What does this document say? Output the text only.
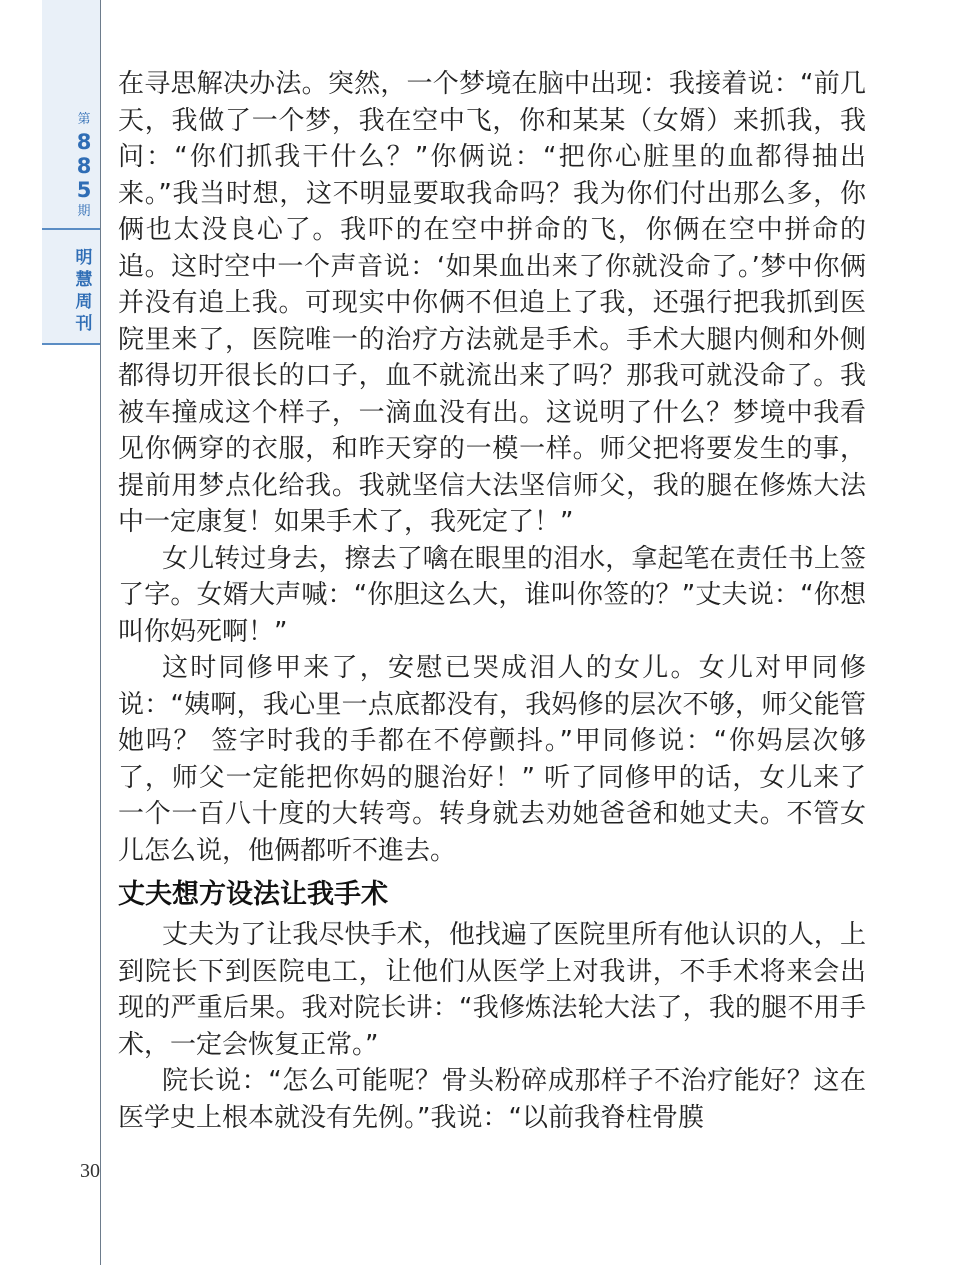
第
8
8
5
期
明
慧
周
刊
30

在寻思解决办法。突然，一个梦境在脑中出现：我接着说：“前几天，我做了一个梦，我在空中飞，你和某某（女婿）来抓我，我问：“你们抓我干什么？”你俩说：“把你心脏里的血都得抽出来。”我当时想，这不明显要取我命吗？我为你们付出那么多，你俩也太没良心了。我吓的在空中拼命的飞，你俩在空中拼命的追。这时空中一个声音说：‘如果血出来了你就没命了。’梦中你俩并没有追上我。可现实中你俩不但追上了我，还强行把我抓到医院里来了，医院唯一的治疗方法就是手术。手术大腿内侧和外侧都得切开很长的口子，血不就流出来了吗？那我可就没命了。我被车撞成这个样子，一滴血没有出。这说明了什么？梦境中我看见你俩穿的衣服，和昨天穿的一模一样。师父把将要发生的事，提前用梦点化给我。我就坚信大法坚信师父，我的腿在修炼大法中一定康复！如果手术了，我死定了！”

女儿转过身去，擦去了噙在眼里的泪水，拿起笔在责任书上签了字。女婿大声喊：“你胆这么大，谁叫你签的？”丈夫说：“你想叫你妈死啊！”

这时同修甲来了，安慰已哭成泪人的女儿。女儿对甲同修说：“姨啊，我心里一点底都没有，我妈修的层次不够，师父能管她吗？ 签字时我的手都在不停颤抖。”甲同修说：“你妈层次够了，师父一定能把你妈的腿治好！” 听了同修甲的话，女儿来了一个一百八十度的大转弯。转身就去劝她爸爸和她丈夫。不管女儿怎么说，他俩都听不進去。

丈夫想方设法让我手术

丈夫为了让我尽快手术，他找遍了医院里所有他认识的人，上到院长下到医院电工，让他们从医学上对我讲，不手术将来会出现的严重后果。我对院长讲：“我修炼法轮大法了，我的腿不用手术，一定会恢复正常。”

院长说：“怎么可能呢？骨头粉碎成那样子不治疗能好？这在医学史上根本就没有先例。”我说：“以前我脊柱骨膜
